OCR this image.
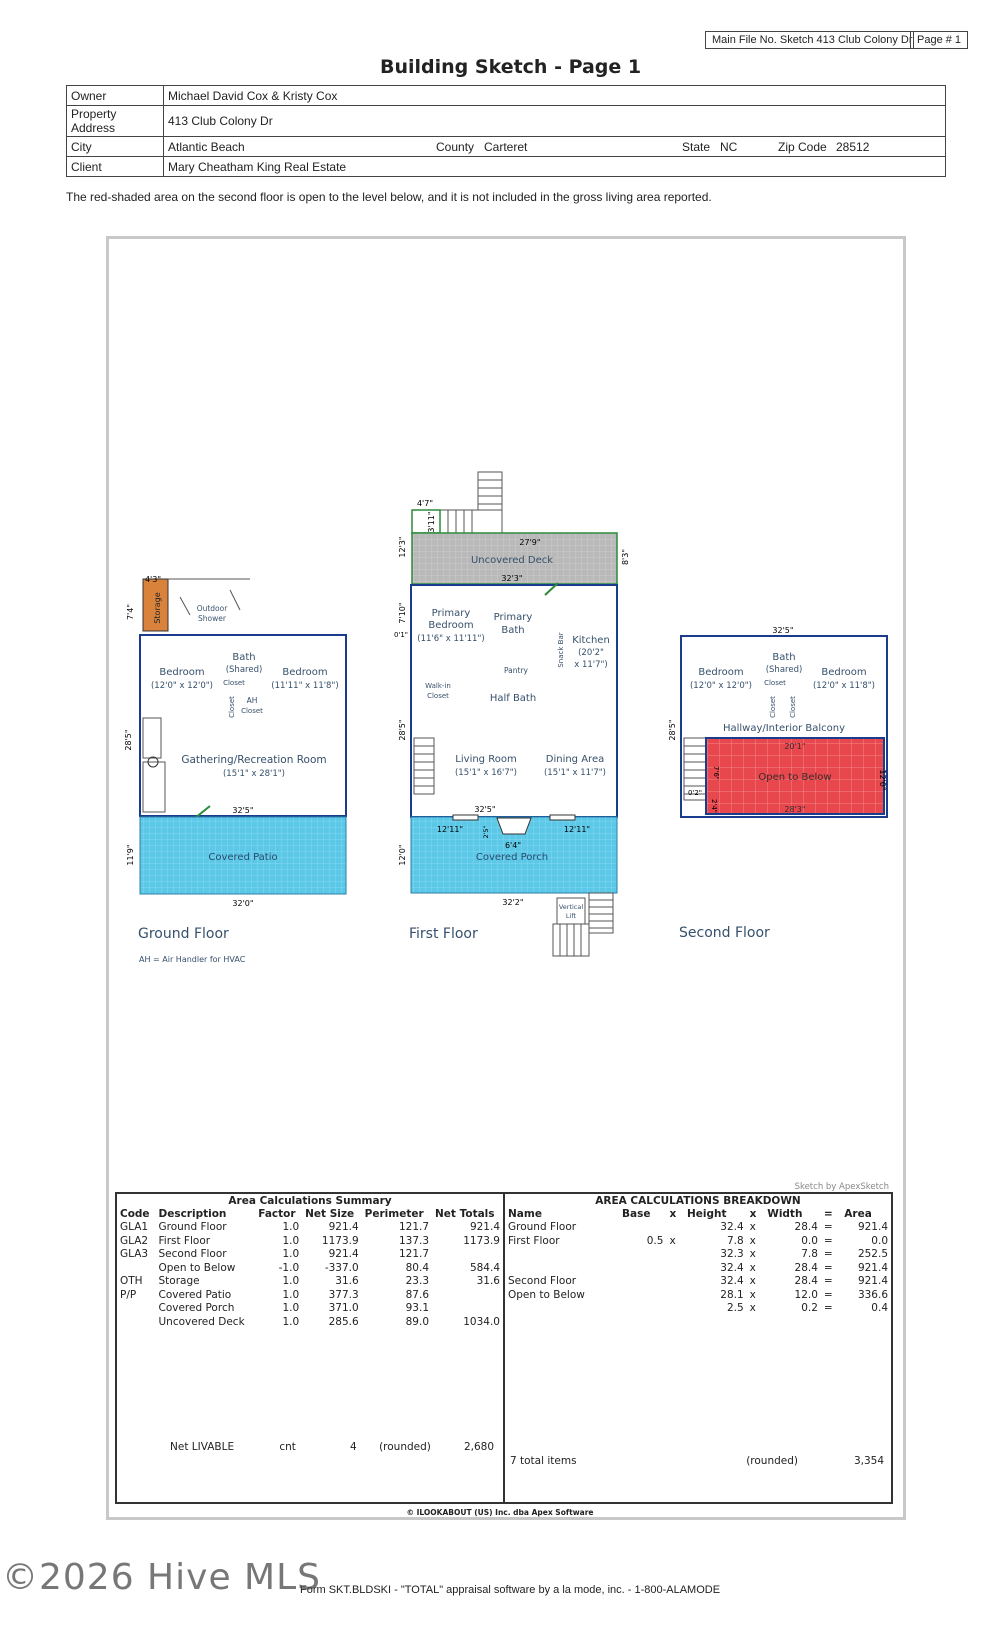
Main File No. Sketch 413 Club Colony Dr Page # 1
Building Sketch - Page 1
Owner	Michael David Cox & Kristy Cox						
Property Address	413 Club Colony Dr						
City	Atlantic Beach	County	Carteret	State	NC	Zip Code	28512
Client	Mary Cheatham King Real Estate						
The red-shaded area on the second floor is open to the level below, and it is not included in the gross living area reported.
Storage	Outdoor
Shower
4'3"
7'4"
Bedroom
(12'0" x 12'0")
Bath
(Shared)
Closet
Closet AH
Closet
Bedroom
(11'11" x 11'8")
Gathering/Recreation Room
(15'1" x 28'1")
28'5"
32'5"
Covered Patio
11'9"
32'0"
Uncovered Deck
4'7"
3'11"
12'3"	27'9"
8'3"
32'3"
Primary
Bedroom
(11'6" x 11'11")
Primary
Bath
Snack Bar Kitchen
(20'2"
x 11'7")
Pantry
Walk-in
Closet	Half Bath
Living Room
(15'1" x 16'7")
Dining Area
(15'1" x 11'7")
7'10"
0'1"
28'5"
32'5"
12'11"	12'11"
2'5"
6'4"
Covered Porch
12'0"
32'2"	Vertical
Lift
32'5"
Bedroom
(12'0" x 12'0")
Bath
(Shared)
Closet
Closet Closet
Bedroom
(12'0" x 11'8")
Hallway/Interior Balcony
28'5"
0'2"
20'1"
Open to Below	12'0"
7'6"
2'4"	28'3"
Ground Floor
AH = Air Handler for HVAC
First Floor	Second Floor
Sketch by ApexSketch
Area Calculations Summary
Code	Description	Factor	Net Size	Perimeter	Net Totals
GLA1	Ground Floor	1.0	921.4	121.7	921.4
GLA2	First Floor	1.0	1173.9	137.3	1173.9
GLA3	Second Floor	1.0	921.4	121.7	
	Open to Below	-1.0	-337.0	80.4	584.4
OTH	Storage	1.0	31.6	23.3	31.6
P/P	Covered Patio	1.0	377.3	87.6	
	Covered Porch	1.0	371.0	93.1	
	Uncovered Deck	1.0	285.6	89.0	1034.0
Net LIVABLE	cnt	4	(rounded)	2,680
AREA CALCULATIONS BREAKDOWN
Name	Base	x	Height	x	Width	=	Area
Ground Floor			32.4	x	28.4	=	921.4
First Floor	0.5	x	7.8	x	0.0	=	0.0
			32.3	x	7.8	=	252.5
			32.4	x	28.4	=	921.4
Second Floor			32.4	x	28.4	=	921.4
Open to Below			28.1	x	12.0	=	336.6
			2.5	x	0.2	=	0.4
7 total items	(rounded)	3,354
© ILOOKABOUT (US) Inc. dba Apex Software
Form SKT.BLDSKI - "TOTAL" appraisal software by a la mode, inc. - 1-800-ALAMODE
©2026 Hive MLS
